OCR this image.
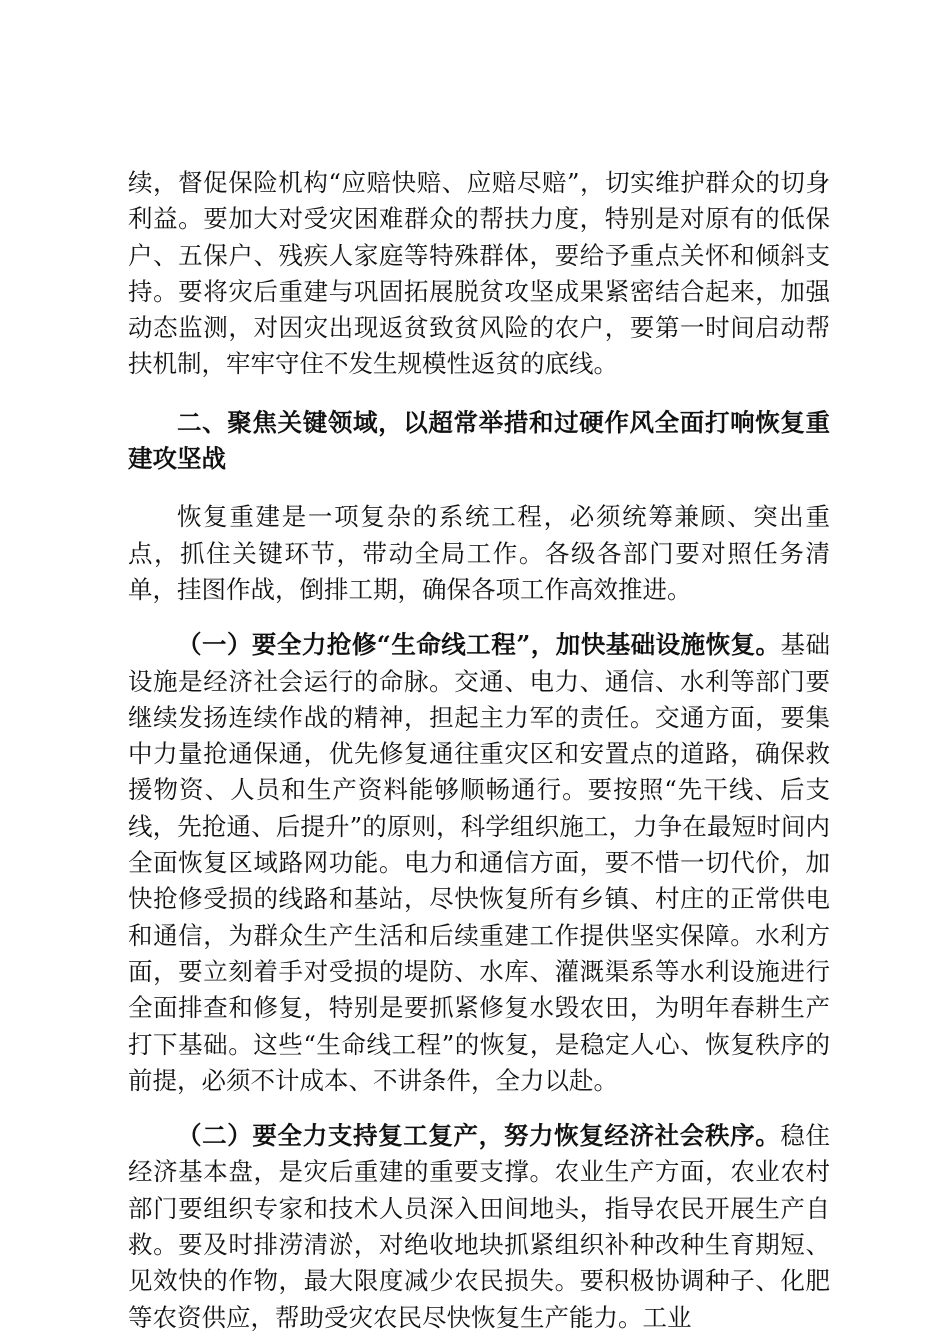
续，督促保险机构“应赔快赔、应赔尽赔”，切实维护群众的切身利益。要加大对受灾困难群众的帮扶力度，特别是对原有的低保户、五保户、残疾人家庭等特殊群体，要给予重点关怀和倾斜支持。要将灾后重建与巩固拓展脱贫攻坚成果紧密结合起来，加强动态监测，对因灾出现返贫致贫风险的农户，要第一时间启动帮扶机制，牢牢守住不发生规模性返贫的底线。

二、聚焦关键领域，以超常举措和过硬作风全面打响恢复重建攻坚战

恢复重建是一项复杂的系统工程，必须统筹兼顾、突出重点，抓住关键环节，带动全局工作。各级各部门要对照任务清单，挂图作战，倒排工期，确保各项工作高效推进。

（一）要全力抢修“生命线工程”，加快基础设施恢复。基础设施是经济社会运行的命脉。交通、电力、通信、水利等部门要继续发扬连续作战的精神，担起主力军的责任。交通方面，要集中力量抢通保通，优先修复通往重灾区和安置点的道路，确保救援物资、人员和生产资料能够顺畅通行。要按照“先干线、后支线，先抢通、后提升”的原则，科学组织施工，力争在最短时间内全面恢复区域路网功能。电力和通信方面，要不惜一切代价，加快抢修受损的线路和基站，尽快恢复所有乡镇、村庄的正常供电和通信，为群众生产生活和后续重建工作提供坚实保障。水利方面，要立刻着手对受损的堤防、水库、灌溉渠系等水利设施进行全面排查和修复，特别是要抓紧修复水毁农田，为明年春耕生产打下基础。这些“生命线工程”的恢复，是稳定人心、恢复秩序的前提，必须不计成本、不讲条件，全力以赴。

（二）要全力支持复工复产，努力恢复经济社会秩序。稳住经济基本盘，是灾后重建的重要支撑。农业生产方面，农业农村部门要组织专家和技术人员深入田间地头，指导农民开展生产自救。要及时排涝清淤，对绝收地块抓紧组织补种改种生育期短、见效快的作物，最大限度减少农民损失。要积极协调种子、化肥等农资供应，帮助受灾农民尽快恢复生产能力。工业
